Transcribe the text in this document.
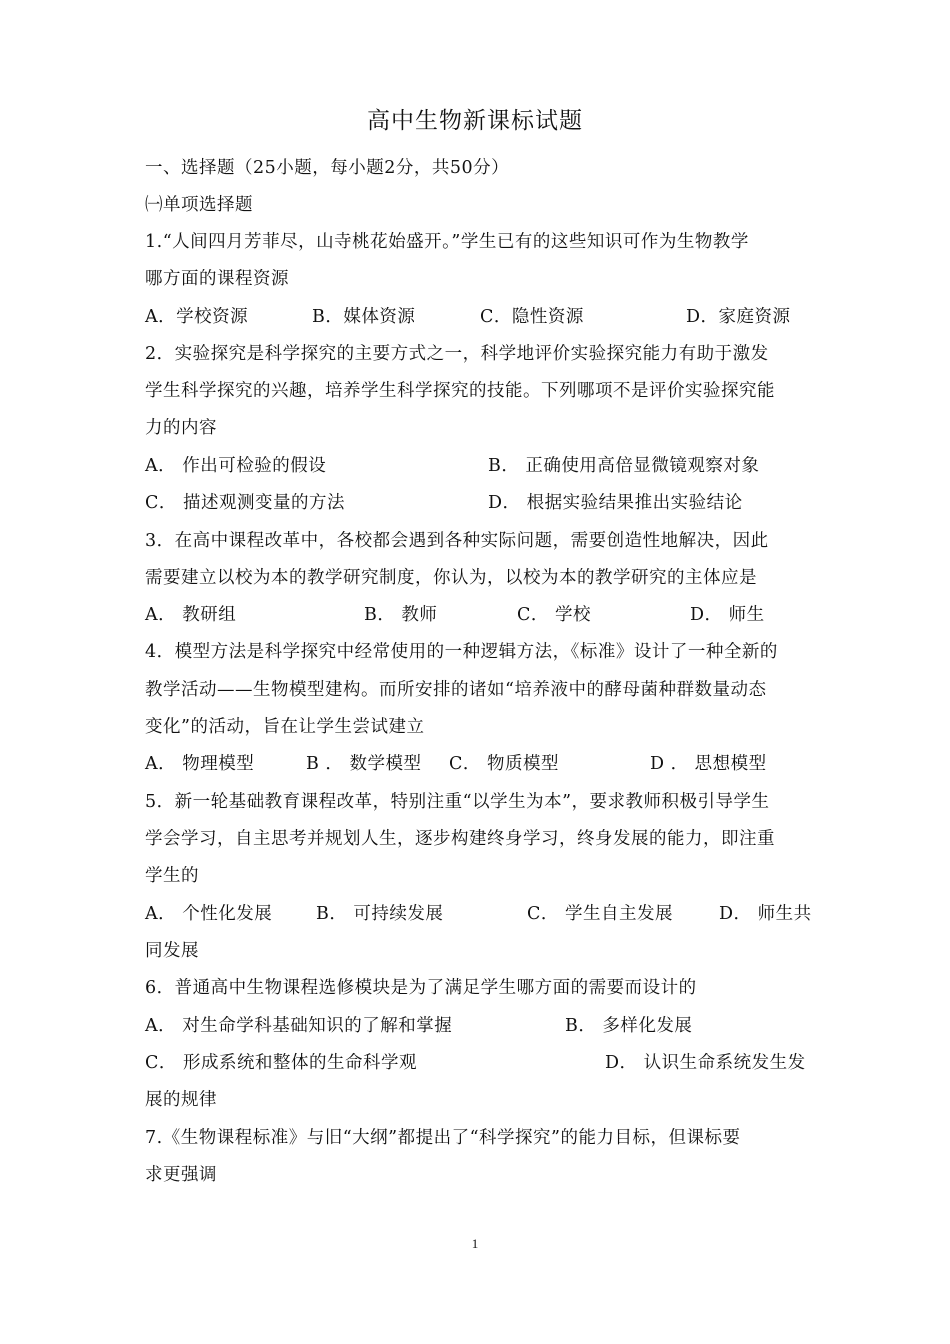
高中生物新课标试题
一、选择题（25小题，每小题2分，共50分）
㈠单项选择题
1.“人间四月芳菲尽，山寺桃花始盛开。”学生已有的这些知识可作为生物教学
哪方面的课程资源
A．学校资源	B．媒体资源	C．隐性资源	D．家庭资源
2．实验探究是科学探究的主要方式之一，科学地评价实验探究能力有助于激发
学生科学探究的兴趣，培养学生科学探究的技能。下列哪项不是评价实验探究能
力的内容
A． 作出可检验的假设	B． 正确使用高倍显微镜观察对象
C． 描述观测变量的方法	D． 根据实验结果推出实验结论
3．在高中课程改革中，各校都会遇到各种实际问题，需要创造性地解决，因此
需要建立以校为本的教学研究制度，你认为，以校为本的教学研究的主体应是
A． 教研组	B． 教师	C． 学校	D． 师生
4．模型方法是科学探究中经常使用的一种逻辑方法，《标准》设计了一种全新的
教学活动——生物模型建构。而所安排的诸如“培养液中的酵母菌种群数量动态
变化”的活动，旨在让学生尝试建立
A． 物理模型	B ． 数学模型 C． 物质模型	D ． 思想模型
5．新一轮基础教育课程改革，特别注重“以学生为本”，要求教师积极引导学生
学会学习，自主思考并规划人生，逐步构建终身学习，终身发展的能力，即注重
学生的
A． 个性化发展	B． 可持续发展	C． 学生自主发展	D． 师生共
同发展
6．普通高中生物课程选修模块是为了满足学生哪方面的需要而设计的
A． 对生命学科基础知识的了解和掌握	B． 多样化发展
C． 形成系统和整体的生命科学观	D． 认识生命系统发生发
展的规律
7.《生物课程标准》与旧“大纲”都提出了“科学探究”的能力目标，但课标要
求更强调
1
